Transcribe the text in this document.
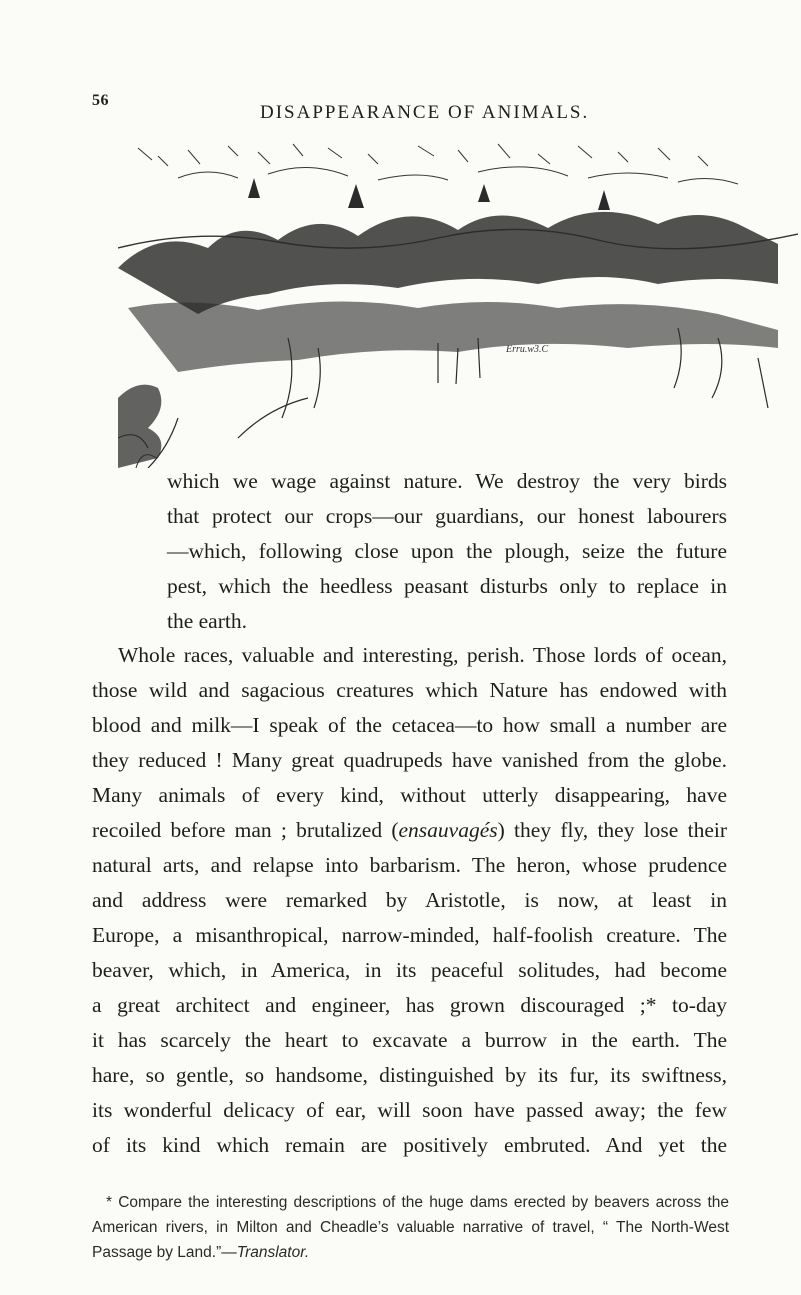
56
DISAPPEARANCE OF ANIMALS.
Erru.w3.C
which we wage against nature. We destroy the very birds
that protect our crops—our guardians, our honest labourers
—which, following close upon the plough, seize the future
pest, which the heedless peasant disturbs only to replace in
the earth.
Whole races, valuable and interesting, perish. Those lords of ocean,
those wild and sagacious creatures which Nature has endowed with
blood and milk—I speak of the cetacea—to how small a number are
they reduced ! Many great quadrupeds have vanished from the globe.
Many animals of every kind, without utterly disappearing, have
recoiled before man ; brutalized (ensauvagés) they fly, they lose their
natural arts, and relapse into barbarism. The heron, whose prudence
and address were remarked by Aristotle, is now, at least in
Europe, a misanthropical, narrow-minded, half-foolish creature. The
beaver, which, in America, in its peaceful solitudes, had become
a great architect and engineer, has grown discouraged ;* to-day
it has scarcely the heart to excavate a burrow in the earth. The
hare, so gentle, so handsome, distinguished by its fur, its swiftness,
its wonderful delicacy of ear, will soon have passed away; the few
of its kind which remain are positively embruted. And yet the
* Compare the interesting descriptions of the huge dams erected by beavers across the
American rivers, in Milton and Cheadle’s valuable narrative of travel, “ The North-West
Passage by Land.”—Translator.
